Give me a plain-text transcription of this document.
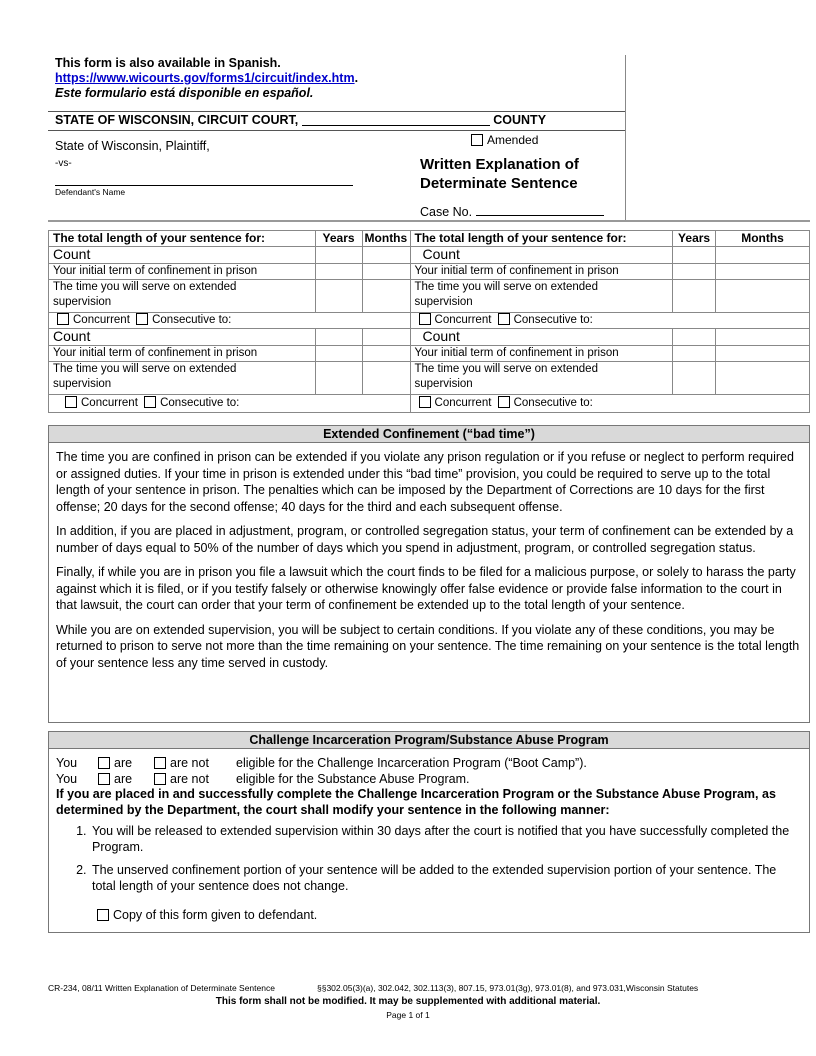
This form is also available in Spanish.
https://www.wicourts.gov/forms1/circuit/index.htm.
Este formulario está disponible en español.
STATE OF WISCONSIN, CIRCUIT COURT,	COUNTY
State of Wisconsin, Plaintiff,
-vs-
Defendant's Name
Amended
Written Explanation of
Determinate Sentence
Case No.
The total length of your sentence for:	Years	Months	The total length of your sentence for:	Years	Months
Count			Count		
Your initial term of confinement in prison			Your initial term of confinement in prison		
The time you will serve on extended supervision			The time you will serve on extended supervision		
Concurrent Consecutive to:			Concurrent Consecutive to:		
Count			Count		
Your initial term of confinement in prison			Your initial term of confinement in prison		
The time you will serve on extended supervision			The time you will serve on extended supervision		
Concurrent Consecutive to:			Concurrent Consecutive to:		
Extended Confinement (“bad time”)

The time you are confined in prison can be extended if you violate any prison regulation or if you refuse or neglect to perform required or assigned duties. If your time in prison is extended under this “bad time” provision, you could be required to serve up to the total length of your sentence in prison. The penalties which can be imposed by the Department of Corrections are 10 days for the first offense; 20 days for the second offense; 40 days for the third and each subsequent offense.

In addition, if you are placed in adjustment, program, or controlled segregation status, your term of confinement can be extended by a number of days equal to 50% of the number of days which you spend in adjustment, program, or controlled segregation status.

Finally, if while you are in prison you file a lawsuit which the court finds to be filed for a malicious purpose, or solely to harass the party against which it is filed, or if you testify falsely or otherwise knowingly offer false evidence or provide false information to the court in that lawsuit, the court can order that your term of confinement be extended up to the total length of your sentence.

While you are on extended supervision, you will be subject to certain conditions. If you violate any of these conditions, you may be returned to prison to serve not more than the time remaining on your sentence. The time remaining on your sentence is the total length of your sentence less any time served in custody.

Challenge Incarceration Program/Substance Abuse Program
You	are	are not eligible for the Challenge Incarceration Program (“Boot Camp”).
You	are	are not eligible for the Substance Abuse Program.
If you are placed in and successfully complete the Challenge Incarceration Program or the Substance Abuse Program, as determined by the Department, the court shall modify your sentence in the following manner:
1. You will be released to extended supervision within 30 days after the court is notified that you have successfully completed the Program.
2. The unserved confinement portion of your sentence will be added to the extended supervision portion of your sentence. The total length of your sentence does not change.
Copy of this form given to defendant.
CR-234, 08/11 Written Explanation of Determinate Sentence	§§302.05(3)(a), 302.042, 302.113(3), 807.15, 973.01(3g), 973.01(8), and 973.031,Wisconsin Statutes
This form shall not be modified. It may be supplemented with additional material.
Page 1 of 1
